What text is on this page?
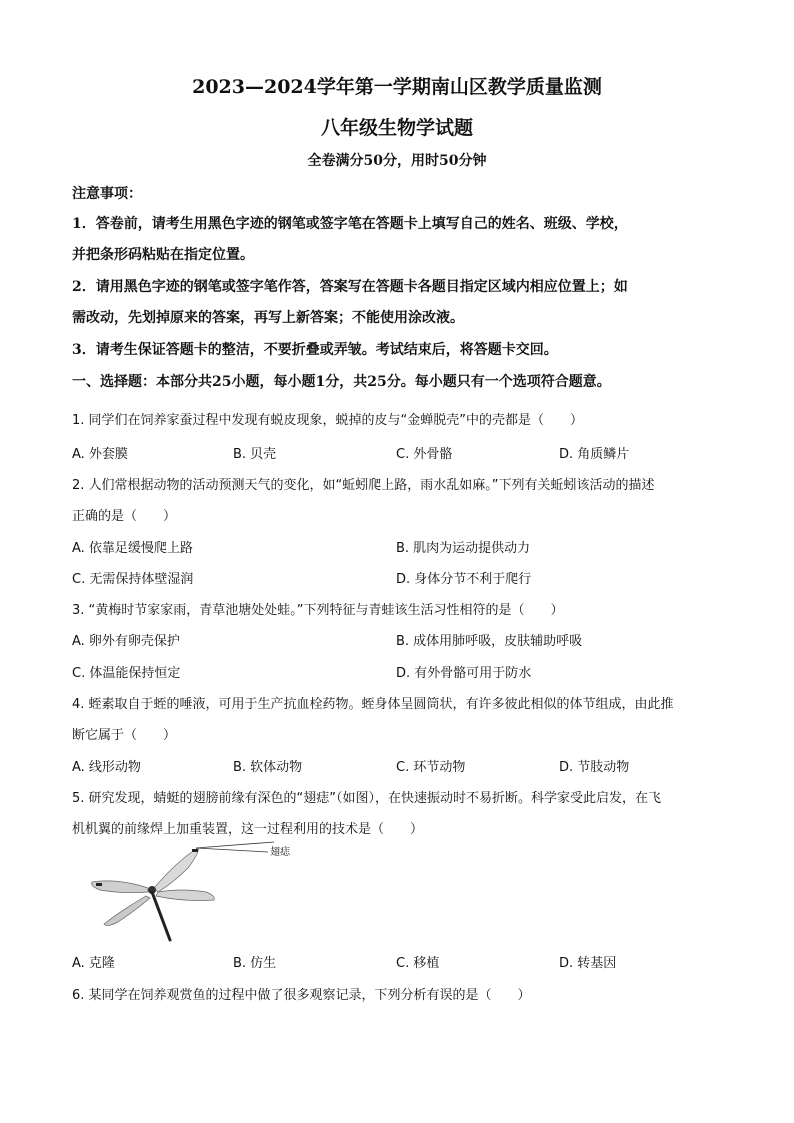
2023—2024学年第一学期南山区教学质量监测
八年级生物学试题
全卷满分50分，用时50分钟
注意事项：
1．答卷前，请考生用黑色字迹的钢笔或签字笔在答题卡上填写自己的姓名、班级、学校，
并把条形码粘贴在指定位置。
2．请用黑色字迹的钢笔或签字笔作答，答案写在答题卡各题目指定区域内相应位置上；如
需改动，先划掉原来的答案，再写上新答案；不能使用涂改液。
3．请考生保证答题卡的整洁，不要折叠或弄皱。考试结束后，将答题卡交回。
一、选择题：本部分共25小题，每小题1分，共25分。每小题只有一个选项符合题意。
1. 同学们在饲养家蚕过程中发现有蜕皮现象，蜕掉的皮与“金蝉脱壳”中的壳都是（　　）
A. 外套膜	B. 贝壳	C. 外骨骼	D. 角质鳞片
2. 人们常根据动物的活动预测天气的变化，如“蚯蚓爬上路，雨水乱如麻。”下列有关蚯蚓该活动的描述
正确的是（　　）
A. 依靠足缓慢爬上路	B. 肌肉为运动提供动力
C. 无需保持体壁湿润	D. 身体分节不利于爬行
3. “黄梅时节家家雨，青草池塘处处蛙。”下列特征与青蛙该生活习性相符的是（　　）
A. 卵外有卵壳保护	B. 成体用肺呼吸，皮肤辅助呼吸
C. 体温能保持恒定	D. 有外骨骼可用于防水
4. 蛭素取自于蛭的唾液，可用于生产抗血栓药物。蛭身体呈圆筒状，有许多彼此相似的体节组成，由此推
断它属于（　　）
A. 线形动物	B. 软体动物	C. 环节动物	D. 节肢动物
5. 研究发现，蜻蜓的翅膀前缘有深色的“翅痣”（如图），在快速振动时不易折断。科学家受此启发，在飞
机机翼的前缘焊上加重装置，这一过程利用的技术是（　　）
翅痣
A. 克隆	B. 仿生	C. 移植	D. 转基因
6. 某同学在饲养观赏鱼的过程中做了很多观察记录，下列分析有误的是（　　）
